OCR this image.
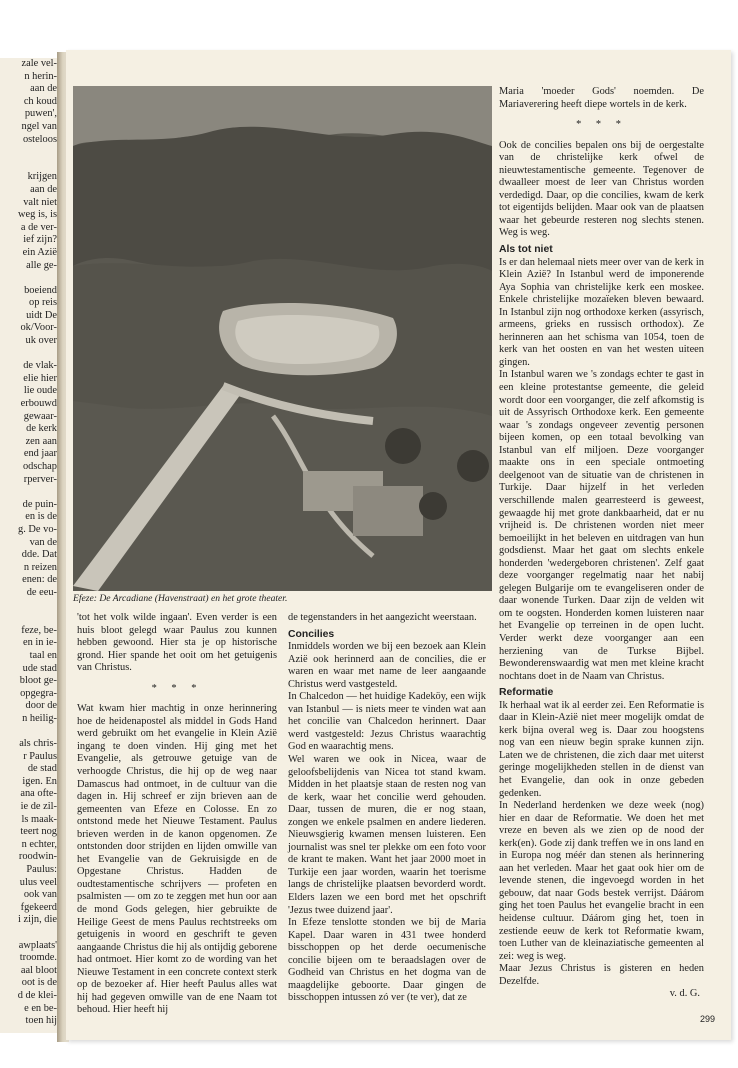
zale vel-

n herin-

aan de

ch koud

puwen',

ngel van

osteloos

krijgen

aan de

valt niet

weg is, is

a de ver-

ief zijn?

ein Azië

alle ge-

boeiend

op reis

uidt De

ok/Voor-

uk over

de vlak-

elie hier

lie oude

erbouwd

gewaar-

de kerk

zen aan

end jaar

odschap

rperver-

de puin-

en is de

g. De vo-

van de

dde. Dat

n reizen

enen: de

de eeu-

feze, be-

en in ie-

taal en

ude stad

bloot ge-

opgegra-

door de

n heilig-

als chris-

r Paulus

de stad

igen. En

ana ofte-

ie de zil-

ls maak-

teert nog

n echter,

roodwin-

Paulus:

ulus veel

ook van

fgekeerd

i zijn, die

awplaats'

troomde.

aal bloot

oot is de

d de klei-

e en be-

toen hij

Efeze: De Arcadiane (Havenstraat) en het grote theater.

'tot het volk wilde ingaan'. Even verder is een huis bloot gelegd waar Paulus zou kunnen hebben gewoond. Hier sta je op historische grond. Hier spande het ooit om het getuigenis van Christus.

* * *

Wat kwam hier machtig in onze herinnering hoe de heidenapostel als middel in Gods Hand werd gebruikt om het evangelie in Klein Azië ingang te doen vinden. Hij ging met het Evangelie, als getrouwe getuige van de verhoogde Christus, die hij op de weg naar Damascus had ontmoet, in de cultuur van die dagen in. Hij schreef er zijn brieven aan de gemeenten van Efeze en Colosse. En zo ontstond mede het Nieuwe Testament. Paulus brieven werden in de kanon opgenomen. Ze ontstonden door strijden en lijden omwille van het Evangelie van de Gekruisigde en de Opgestane Christus. Hadden de oudtestamentische schrijvers — profeten en psalmisten — om zo te zeggen met hun oor aan de mond Gods gelegen, hier gebruikte de Heilige Geest de mens Paulus rechtstreeks om getuigenis in woord en geschrift te geven aangaande Christus die hij als ontijdig geborene had ontmoet. Hier komt zo de wording van het Nieuwe Testament in een concrete context sterk op de bezoeker af. Hier heeft Paulus alles wat hij had gegeven omwille van de ene Naam tot behoud. Hier heeft hij

de tegenstanders in het aangezicht weerstaan.

Concilies

Inmiddels worden we bij een bezoek aan Klein Azië ook herinnerd aan de concilies, die er waren en waar met name de leer aangaande Christus werd vastgesteld.

In Chalcedon — het huidige Kadeköy, een wijk van Istanbul — is niets meer te vinden wat aan het concilie van Chalcedon herinnert. Daar werd vastgesteld: Jezus Christus waarachtig God en waarachtig mens.

Wel waren we ook in Nicea, waar de geloofsbelijdenis van Nicea tot stand kwam. Midden in het plaatsje staan de resten nog van de kerk, waar het concilie werd gehouden. Daar, tussen de muren, die er nog staan, zongen we enkele psalmen en andere liederen. Nieuwsgierig kwamen mensen luisteren. Een journalist was snel ter plekke om een foto voor de krant te maken. Want het jaar 2000 moet in Turkije een jaar worden, waarin het toerisme langs de christelijke plaatsen bevorderd wordt. Elders lazen we een bord met het opschrift 'Jezus twee duizend jaar'.

In Efeze tenslotte stonden we bij de Maria Kapel. Daar waren in 431 twee honderd bisschoppen op het derde oecumenische concilie bijeen om te beraadslagen over de Godheid van Christus en het dogma van de maagdelijke geboorte. Daar gingen de bisschoppen intussen zó ver (te ver), dat ze

Maria 'moeder Gods' noemden. De Mariaverering heeft diepe wortels in de kerk.

* * *

Ook de concilies bepalen ons bij de oergestalte van de christelijke kerk ofwel de nieuwtestamentische gemeente. Tegenover de dwaalleer moest de leer van Christus worden verdedigd. Daar, op die concilies, kwam de kerk tot eigentijds belijden. Maar ook van de plaatsen waar het gebeurde resteren nog slechts stenen. Weg is weg.

Als tot niet

Is er dan helemaal niets meer over van de kerk in Klein Azië? In Istanbul werd de imponerende Aya Sophia van christelijke kerk een moskee. Enkele christelijke mozaïeken bleven bewaard. In Istanbul zijn nog orthodoxe kerken (assyrisch, armeens, grieks en russisch orthodox). Ze herinneren aan het schisma van 1054, toen de kerk van het oosten en van het westen uiteen gingen.

In Istanbul waren we 's zondags echter te gast in een kleine protestantse gemeente, die geleid wordt door een voorganger, die zelf afkomstig is uit de Assyrisch Orthodoxe kerk. Een gemeente waar 's zondags ongeveer zeventig personen bijeen komen, op een totaal bevolking van Istanbul van elf miljoen. Deze voorganger maakte ons in een speciale ontmoeting deelgenoot van de situatie van de christenen in Turkije. Daar hijzelf in het verleden verschillende malen gearresteerd is geweest, gewaagde hij met grote dankbaarheid, dat er nu vrijheid is. De christenen worden niet meer bemoeilijkt in het beleven en uitdragen van hun godsdienst. Maar het gaat om slechts enkele honderden 'wedergeboren christenen'. Zelf gaat deze voorganger regelmatig naar het nabij gelegen Bulgarije om te evangeliseren onder de daar wonende Turken. Daar zijn de velden wit om te oogsten. Honderden komen luisteren naar het Evangelie op terreinen in de open lucht. Verder werkt deze voorganger aan een herziening van de Turkse Bijbel. Bewonderenswaardig wat men met kleine kracht nochtans doet in de Naam van Christus.

Reformatie

Ik herhaal wat ik al eerder zei. Een Reformatie is daar in Klein-Azië niet meer mogelijk omdat de kerk bijna overal weg is. Daar zou hoogstens nog van een nieuw begin sprake kunnen zijn. Laten we de christenen, die zich daar met uiterst geringe mogelijkheden stellen in de dienst van het Evangelie, dan ook in onze gebeden gedenken.

In Nederland herdenken we deze week (nog) hier en daar de Reformatie. We doen het met vreze en beven als we zien op de nood der kerk(en). Gode zij dank treffen we in ons land en in Europa nog méér dan stenen als herinnering aan het verleden. Maar het gaat ook hier om de levende stenen, die ingevoegd worden in het gebouw, dat naar Gods bestek verrijst. Dáárom ging het toen Paulus het evangelie bracht in een heidense cultuur. Dáárom ging het, toen in zestiende eeuw de kerk tot Reformatie kwam, toen Luther van de kleinaziatische gemeenten al zei: weg is weg.

Maar Jezus Christus is gisteren en heden Dezelfde.

v. d. G.

299
